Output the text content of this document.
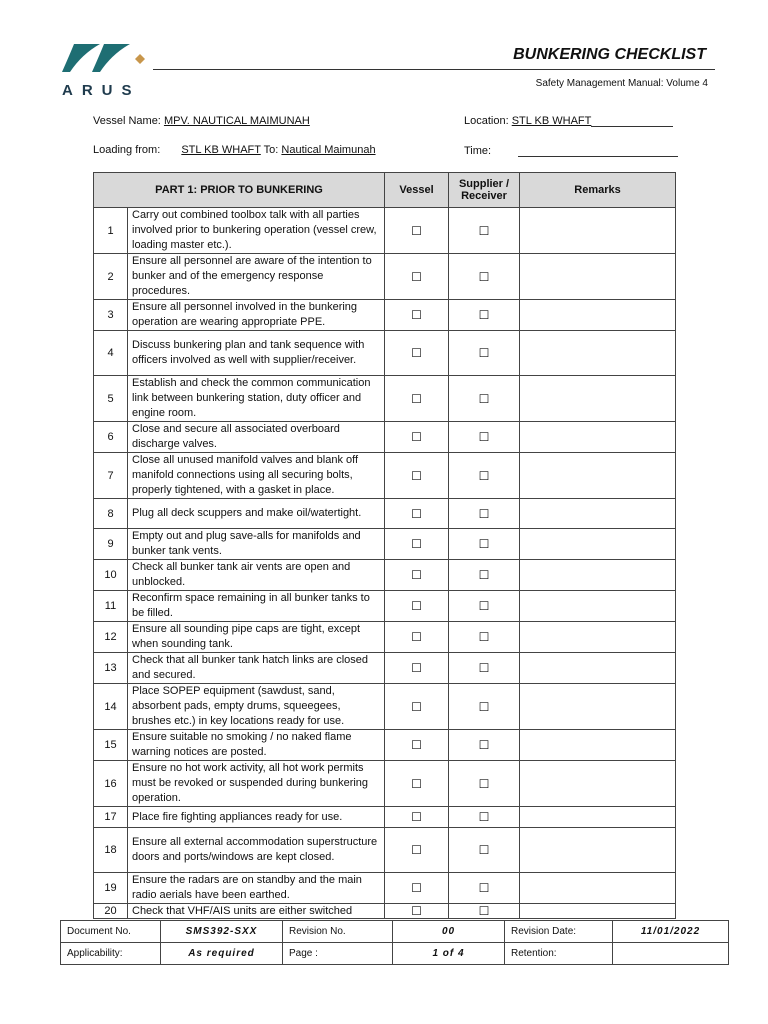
ARUS
BUNKERING CHECKLIST
Safety Management Manual: Volume 4
Vessel Name: MPV. NAUTICAL MAIMUNAH	Location: STL KB WHAFT
Loading from: STL KB WHAFT To: Nautical Maimunah	Time:
PART 1: PRIOR TO BUNKERING		Vessel	Supplier / Receiver	Remarks
1	Carry out combined toolbox talk with all parties involved prior to bunkering operation (vessel crew, loading master etc.).	☐	☐	
2	Ensure all personnel are aware of the intention to bunker and of the emergency response procedures.	☐	☐	
3	Ensure all personnel involved in the bunkering operation are wearing appropriate PPE.	☐	☐	
4	Discuss bunkering plan and tank sequence with officers involved as well with supplier/receiver.	☐	☐	
5	Establish and check the common communication link between bunkering station, duty officer and engine room.	☐	☐	
6	Close and secure all associated overboard discharge valves.	☐	☐	
7	Close all unused manifold valves and blank off manifold connections using all securing bolts, properly tightened, with a gasket in place.	☐	☐	
8	Plug all deck scuppers and make oil/watertight.	☐	☐	
9	Empty out and plug save-alls for manifolds and bunker tank vents.	☐	☐	
10	Check all bunker tank air vents are open and unblocked.	☐	☐	
11	Reconfirm space remaining in all bunker tanks to be filled.	☐	☐	
12	Ensure all sounding pipe caps are tight, except when sounding tank.	☐	☐	
13	Check that all bunker tank hatch links are closed and secured.	☐	☐	
14	Place SOPEP equipment (sawdust, sand, absorbent pads, empty drums, squeegees, brushes etc.) in key locations ready for use.	☐	☐	
15	Ensure suitable no smoking / no naked flame warning notices are posted.	☐	☐	
16	Ensure no hot work activity, all hot work permits must be revoked or suspended during bunkering operation.	☐	☐	
17	Place fire fighting appliances ready for use.	☐	☐	
18	Ensure all external accommodation superstructure doors and ports/windows are kept closed.	☐	☐	
19	Ensure the radars are on standby and the main radio aerials have been earthed.	☐	☐	
20	Check that VHF/AIS units are either switched	☐	☐	
Document No.	SMS392-SXX	Revision No.	00	Revision Date:	11/01/2022
Applicability:	As required	Page :	1 of 4	Retention:	
